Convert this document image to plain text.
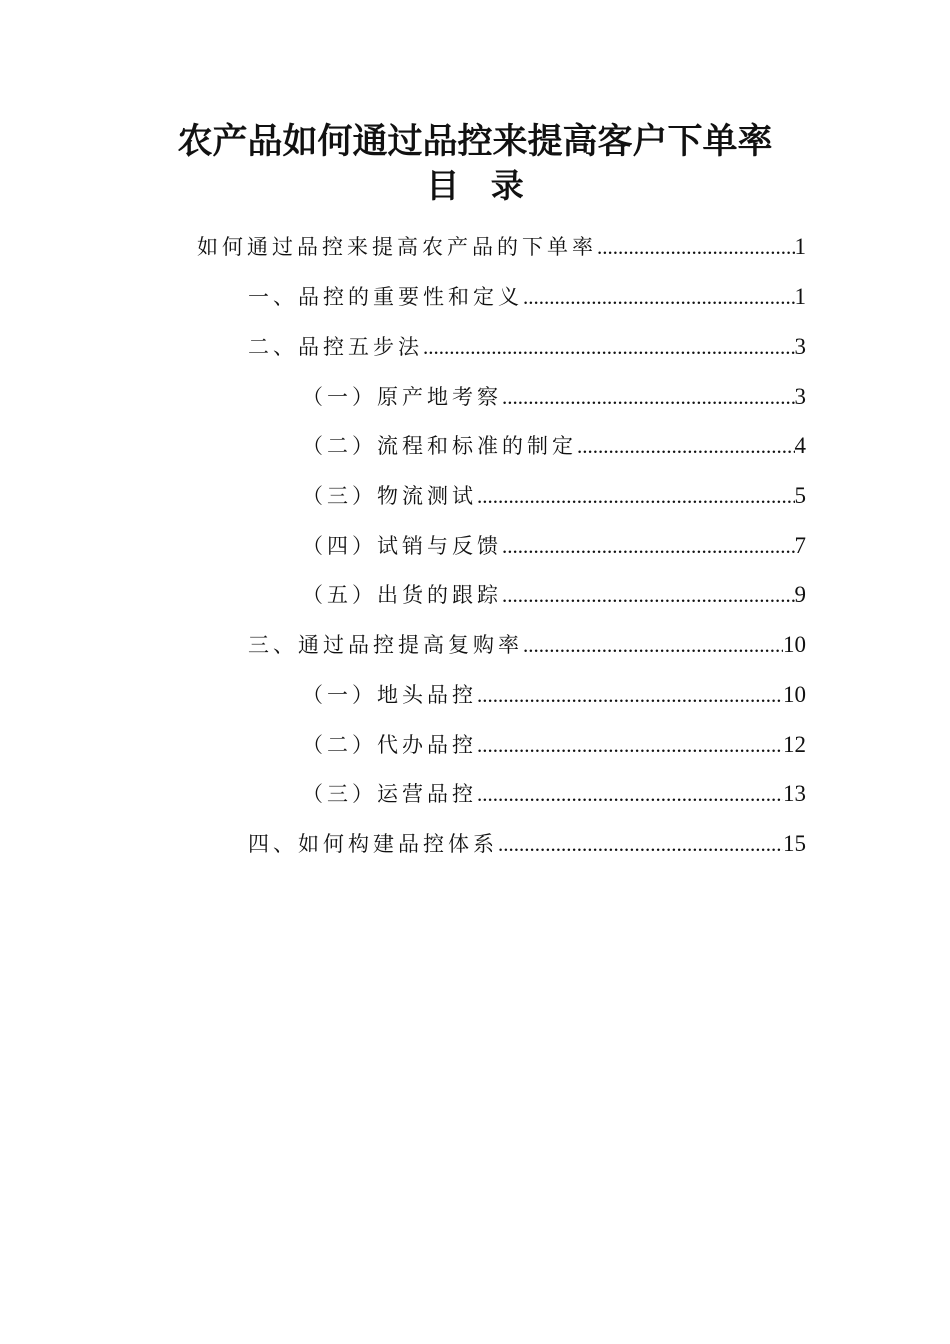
农产品如何通过品控来提高客户下单率
目 录
如何通过品控来提高农产品的下单率 .....	1
一、品控的重要性和定义 .....	1
二、品控五步法 .....	3
（一）原产地考察 .....	3
（二）流程和标准的制定 .....	4
（三）物流测试 .....	5
（四）试销与反馈 .....	7
（五）出货的跟踪 .....	9
三、通过品控提高复购率 .....	10
（一）地头品控 .....	10
（二）代办品控 .....	12
（三）运营品控 .....	13
四、如何构建品控体系 .....	15
